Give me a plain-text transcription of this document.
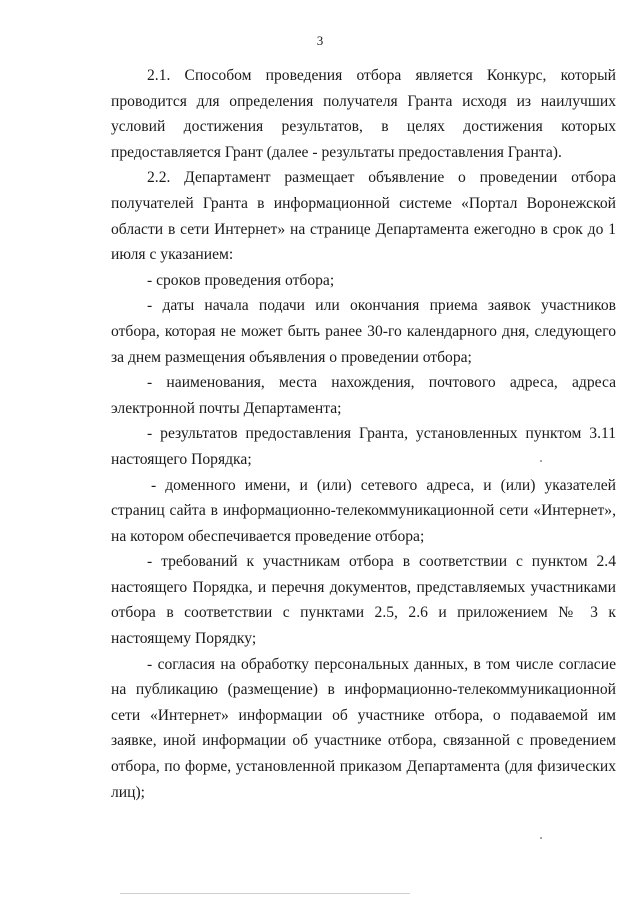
3

2.1. Способом проведения отбора является Конкурс, который проводится для определения получателя Гранта исходя из наилучших условий достижения результатов, в целях достижения которых предоставляется Грант (далее - результаты предоставления Гранта).

2.2. Департамент размещает объявление о проведении отбора получателей Гранта в информационной системе «Портал Воронежской области в сети Интернет» на странице Департамента ежегодно в срок до 1 июля с указанием:

- сроков проведения отбора;

- даты начала подачи или окончания приема заявок участников отбора, которая не может быть ранее 30-го календарного дня, следующего за днем размещения объявления о проведении отбора;

- наименования, места нахождения, почтового адреса, адреса электронной почты Департамента;

- результатов предоставления Гранта, установленных пунктом 3.11 настоящего Порядка;

- доменного имени, и (или) сетевого адреса, и (или) указателей страниц сайта в информационно-телекоммуникационной сети «Интернет», на котором обеспечивается проведение отбора;

- требований к участникам отбора в соответствии с пунктом 2.4 настоящего Порядка, и перечня документов, представляемых участниками отбора в соответствии с пунктами 2.5, 2.6 и приложением № 3 к настоящему Порядку;

- согласия на обработку персональных данных, в том числе согласие на публикацию (размещение) в информационно-телекоммуникационной сети «Интернет» информации об участнике отбора, о подаваемой им заявке, иной информации об участнике отбора, связанной с проведением отбора, по форме, установленной приказом Департамента (для физических лиц);
